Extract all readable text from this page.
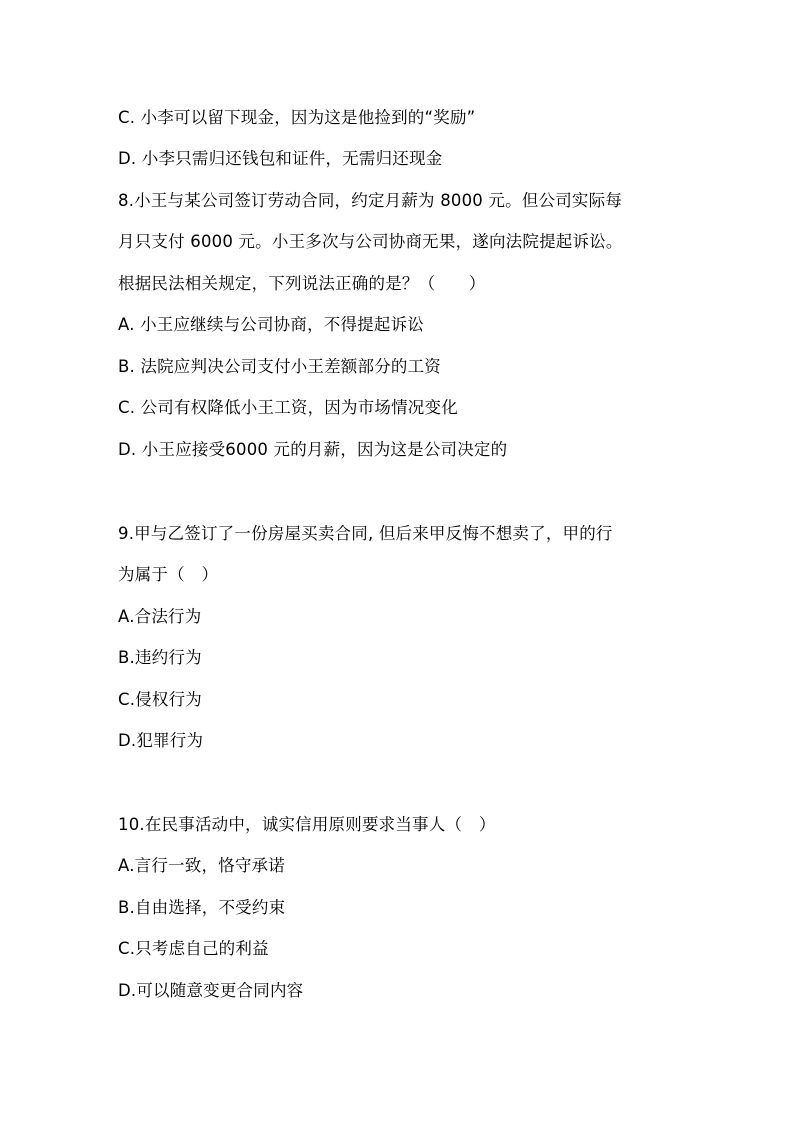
C. 小李可以留下现金，因为这是他捡到的“奖励”
D. 小李只需归还钱包和证件，无需归还现金
8.小王与某公司签订劳动合同，约定月薪为 8000 元。但公司实际每
月只支付 6000 元。小王多次与公司协商无果，遂向法院提起诉讼。
根据民法相关规定，下列说法正确的是？（　　）
A. 小王应继续与公司协商，不得提起诉讼
B. 法院应判决公司支付小王差额部分的工资
C. 公司有权降低小王工资，因为市场情况变化
D. 小王应接受6000 元的月薪，因为这是公司决定的
9.甲与乙签订了一份房屋买卖合同, 但后来甲反悔不想卖了，甲的行
为属于（　）
A.合法行为
B.违约行为
C.侵权行为
D.犯罪行为
10.在民事活动中，诚实信用原则要求当事人（　）
A.言行一致，恪守承诺
B.自由选择，不受约束
C.只考虑自己的利益
D.可以随意变更合同内容
